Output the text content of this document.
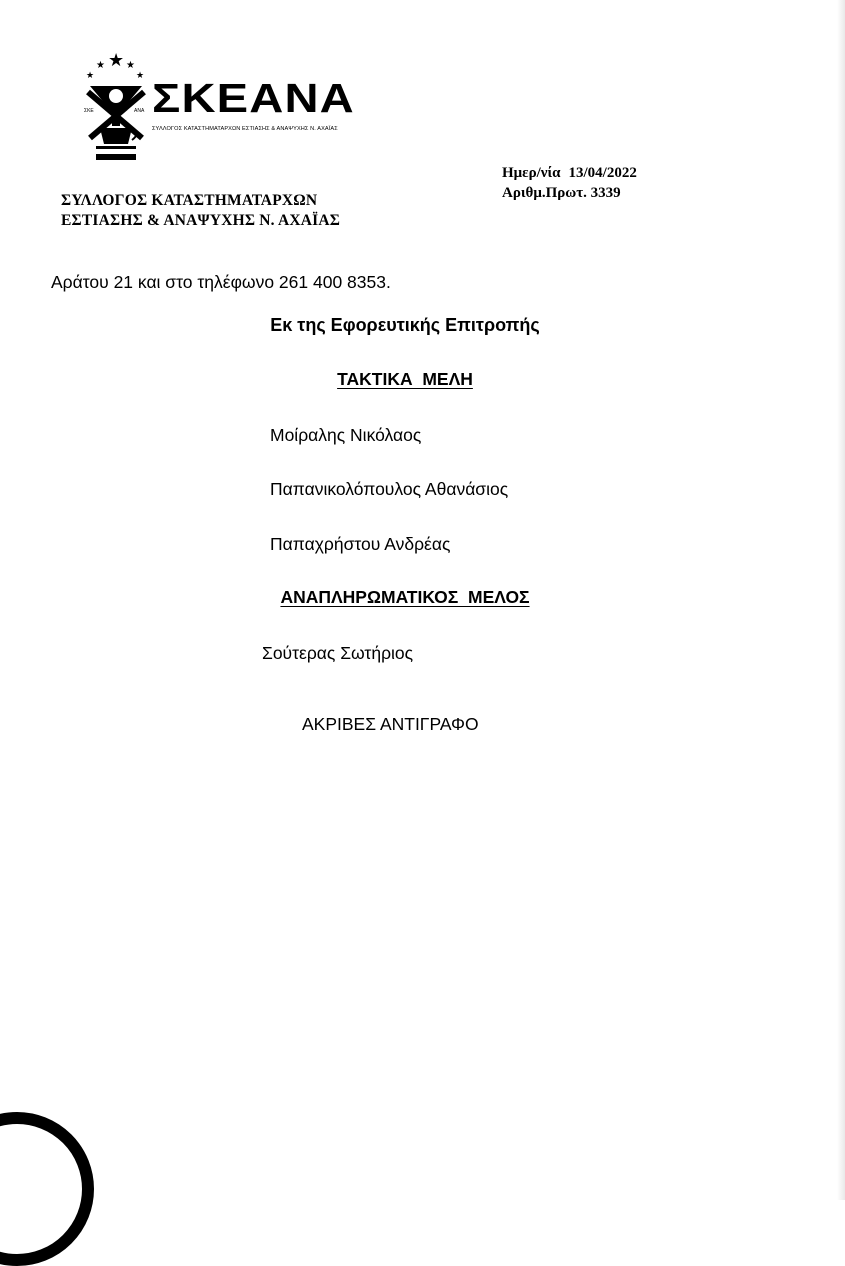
★
★ ★ ★
★
ΣΚΕ	ΑΝΑ ΣΚΕΑΝΑ
ΣΥΛΛΟΓΟΣ ΚΑΤΑΣΤΗΜΑΤΑΡΧΩΝ ΕΣΤΙΑΣΗΣ & ΑΝΑΨΥΧΗΣ Ν. ΑΧΑΪΑΣ
ΣΥΛΛΟΓΟΣ ΚΑΤΑΣΤΗΜΑΤΑΡΧΩΝ
ΕΣΤΙΑΣΗΣ & ΑΝΑΨΥΧΗΣ Ν. ΑΧΑΪΑΣ
Ημερ/νία 13/04/2022
Αριθμ.Πρωτ. 3339
Αράτου 21 και στο τηλέφωνο 261 400 8353.
Εκ της Εφορευτικής Επιτροπής
ΤΑΚΤΙΚΑ  ΜΕΛΗ
Μοίραλης Νικόλαος
Παπανικολόπουλος Αθανάσιος
Παπαχρήστου Ανδρέας
ΑΝΑΠΛΗΡΩΜΑΤΙΚΟΣ  ΜΕΛΟΣ
Σούτερας Σωτήριος
ΑΚΡΙΒΕΣ ΑΝΤΙΓΡΑΦΟ
